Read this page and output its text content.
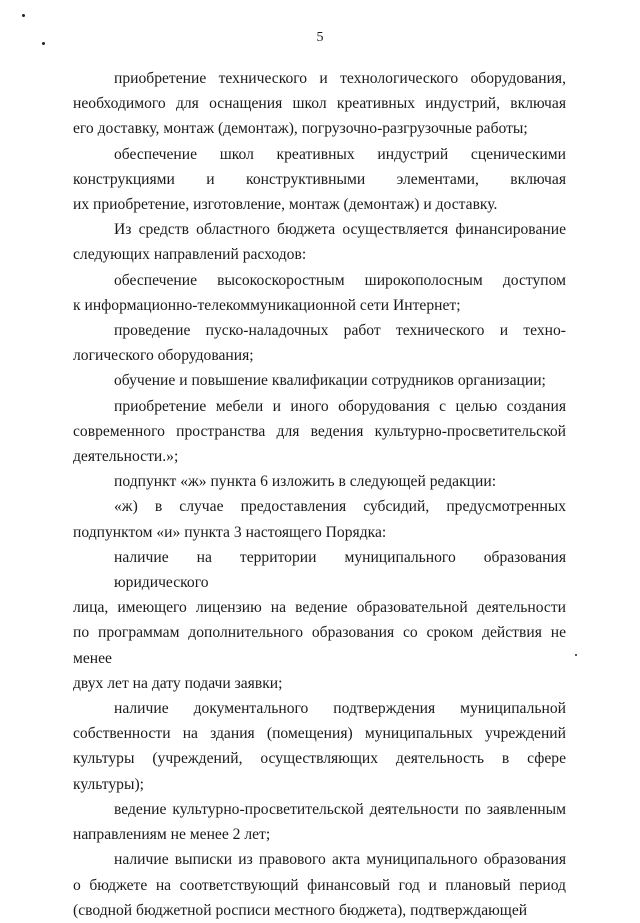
5

приобретение технического и технологического оборудования,
необходимого для оснащения школ креативных индустрий, включая
его доставку, монтаж (демонтаж), погрузочно-разгрузочные работы;

обеспечение школ креативных индустрий сценическими
конструкциями и конструктивными элементами, включая
их приобретение, изготовление, монтаж (демонтаж) и доставку.

Из средств областного бюджета осуществляется финансирование
следующих направлений расходов:

обеспечение высокоскоростным широкополосным доступом
к информационно-телекоммуникационной сети Интернет;

проведение пуско-наладочных работ технического и техно-
логического оборудования;

обучение и повышение квалификации сотрудников организации;

приобретение мебели и иного оборудования с целью создания
современного пространства для ведения культурно-просветительской
деятельности.»;

подпункт «ж» пункта 6 изложить в следующей редакции:

«ж) в случае предоставления субсидий, предусмотренных
подпунктом «и» пункта 3 настоящего Порядка:

наличие на территории муниципального образования юридического
лица, имеющего лицензию на ведение образовательной деятельности
по программам дополнительного образования со сроком действия не менее
двух лет на дату подачи заявки;

наличие документального подтверждения муниципальной
собственности на здания (помещения) муниципальных учреждений
культуры (учреждений, осуществляющих деятельность в сфере культуры);

ведение культурно-просветительской деятельности по заявленным
направлениям не менее 2 лет;

наличие выписки из правового акта муниципального образования
о бюджете на соответствующий финансовый год и плановый период
(сводной бюджетной росписи местного бюджета), подтверждающей
